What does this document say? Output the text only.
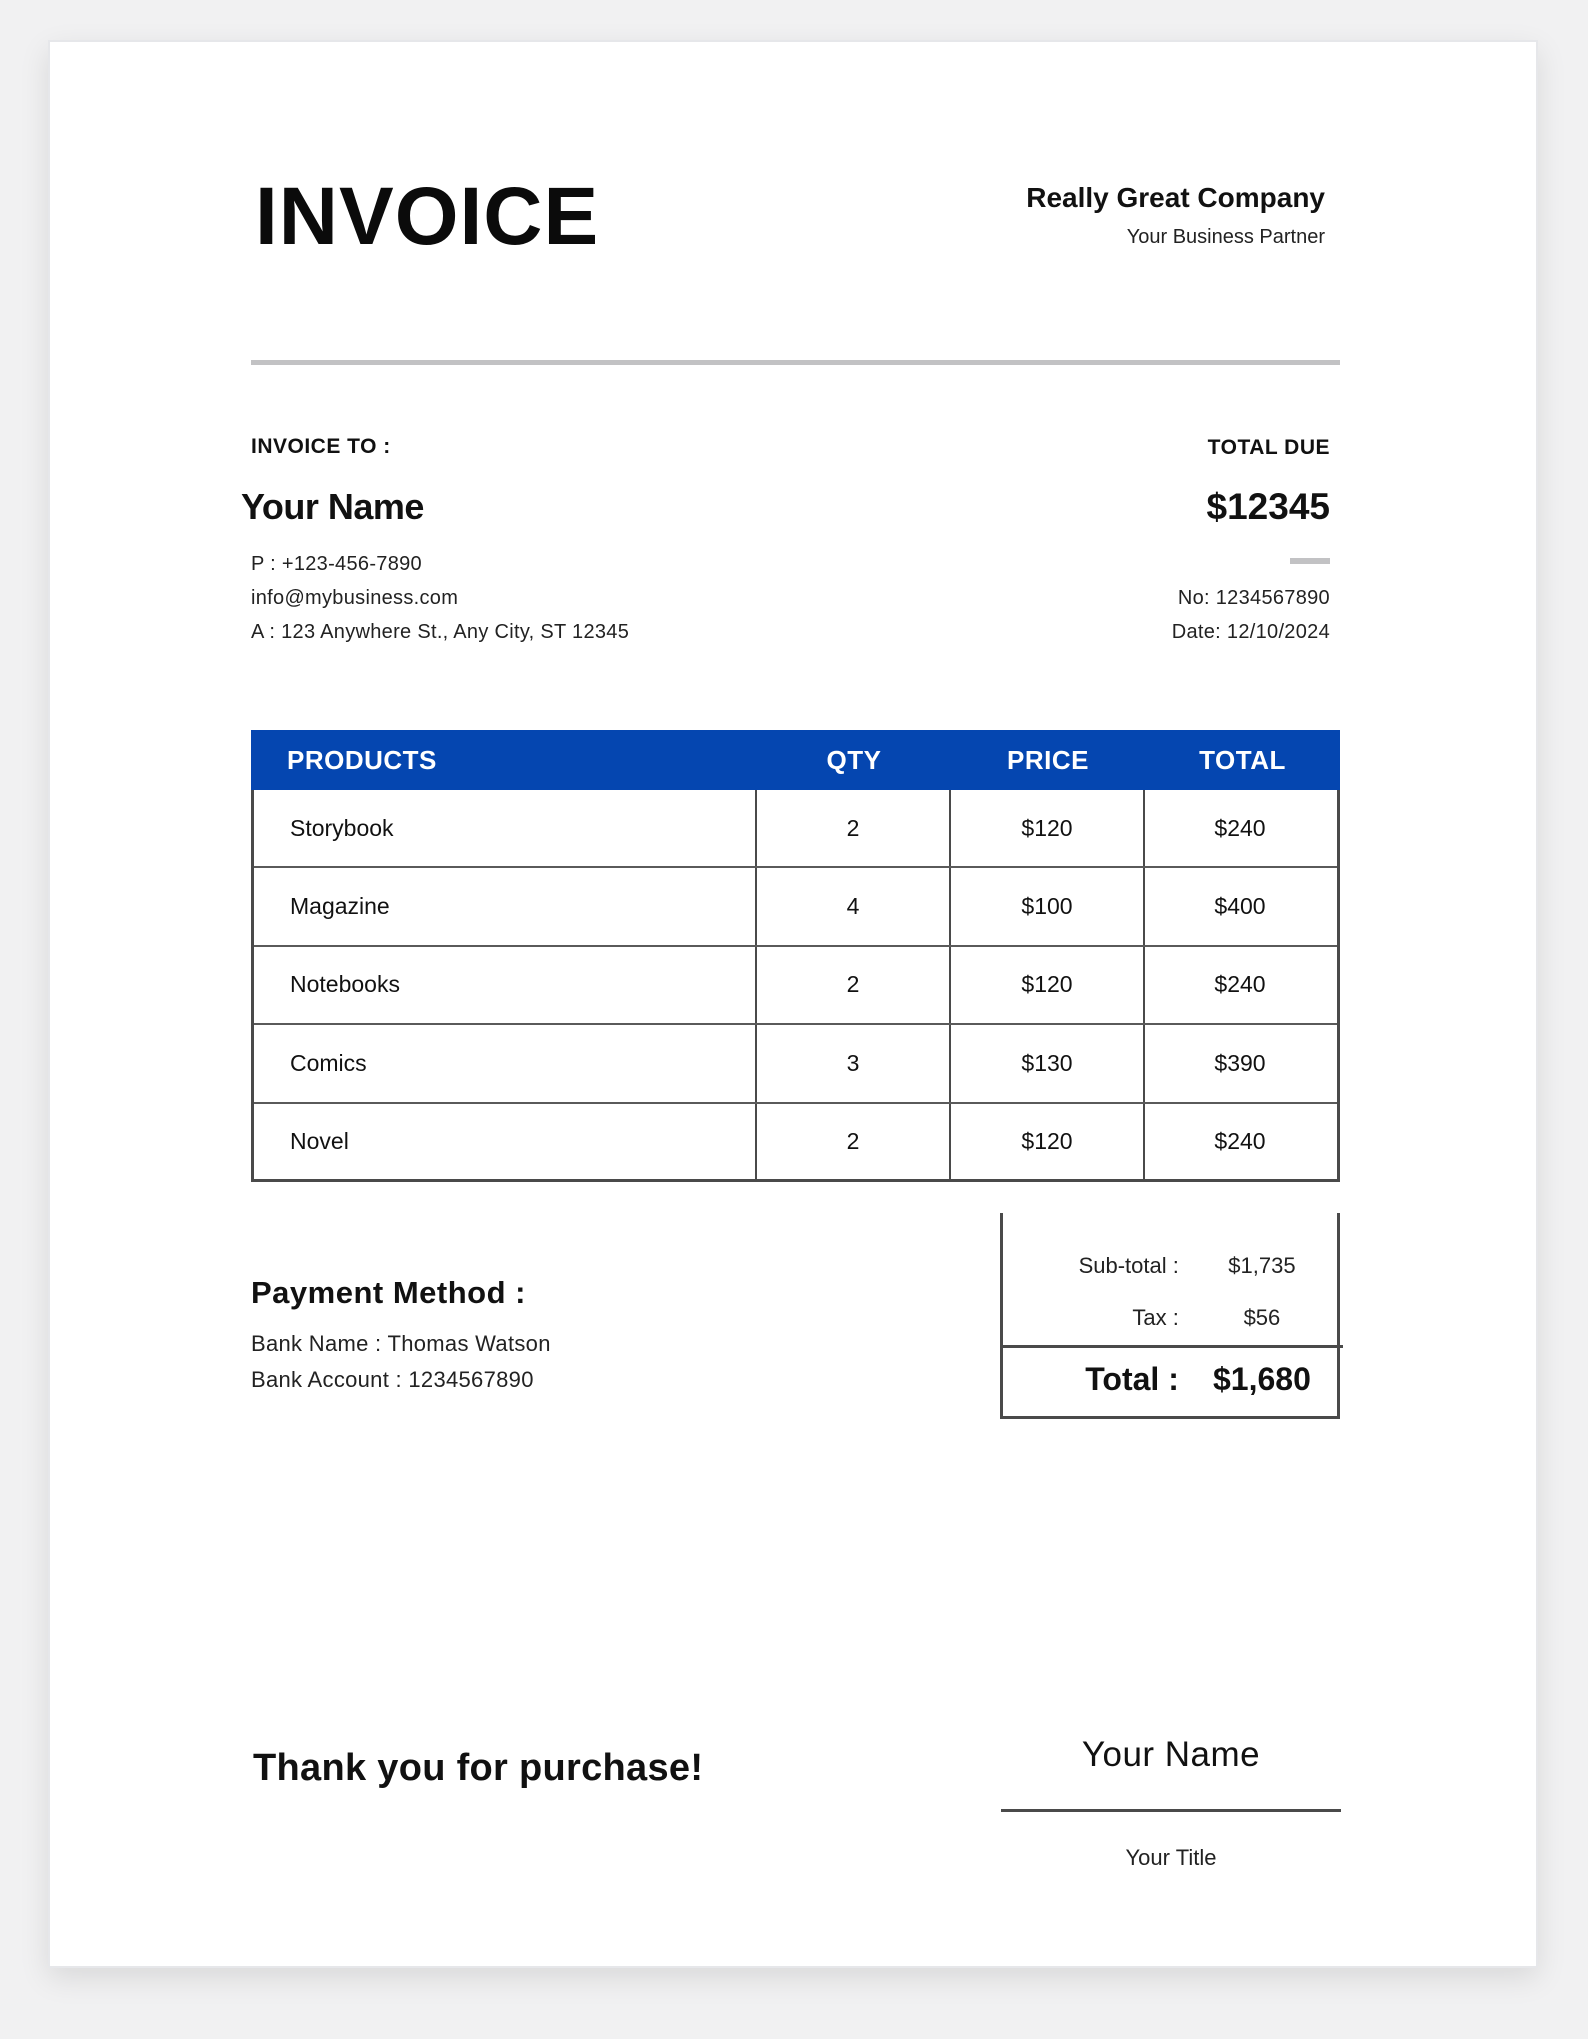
INVOICE	Really Great Company
Your Business Partner
INVOICE TO :	TOTAL DUE
Your Name	$12345
P : +123-456-7890
info@mybusiness.com
A : 123 Anywhere St., Any City, ST 12345
No: 1234567890
Date: 12/10/2024
PRODUCTS	QTY	PRICE	TOTAL
Storybook	2	$120	$240
Magazine	4	$100	$400
Notebooks	2	$120	$240
Comics	3	$130	$390
Novel	2	$120	$240
Sub-total :	$1,735
Tax :	$56
Total :	$1,680
Payment Method :
Bank Name : Thomas Watson
Bank Account : 1234567890
Thank you for purchase!	Your Name
Your Title
